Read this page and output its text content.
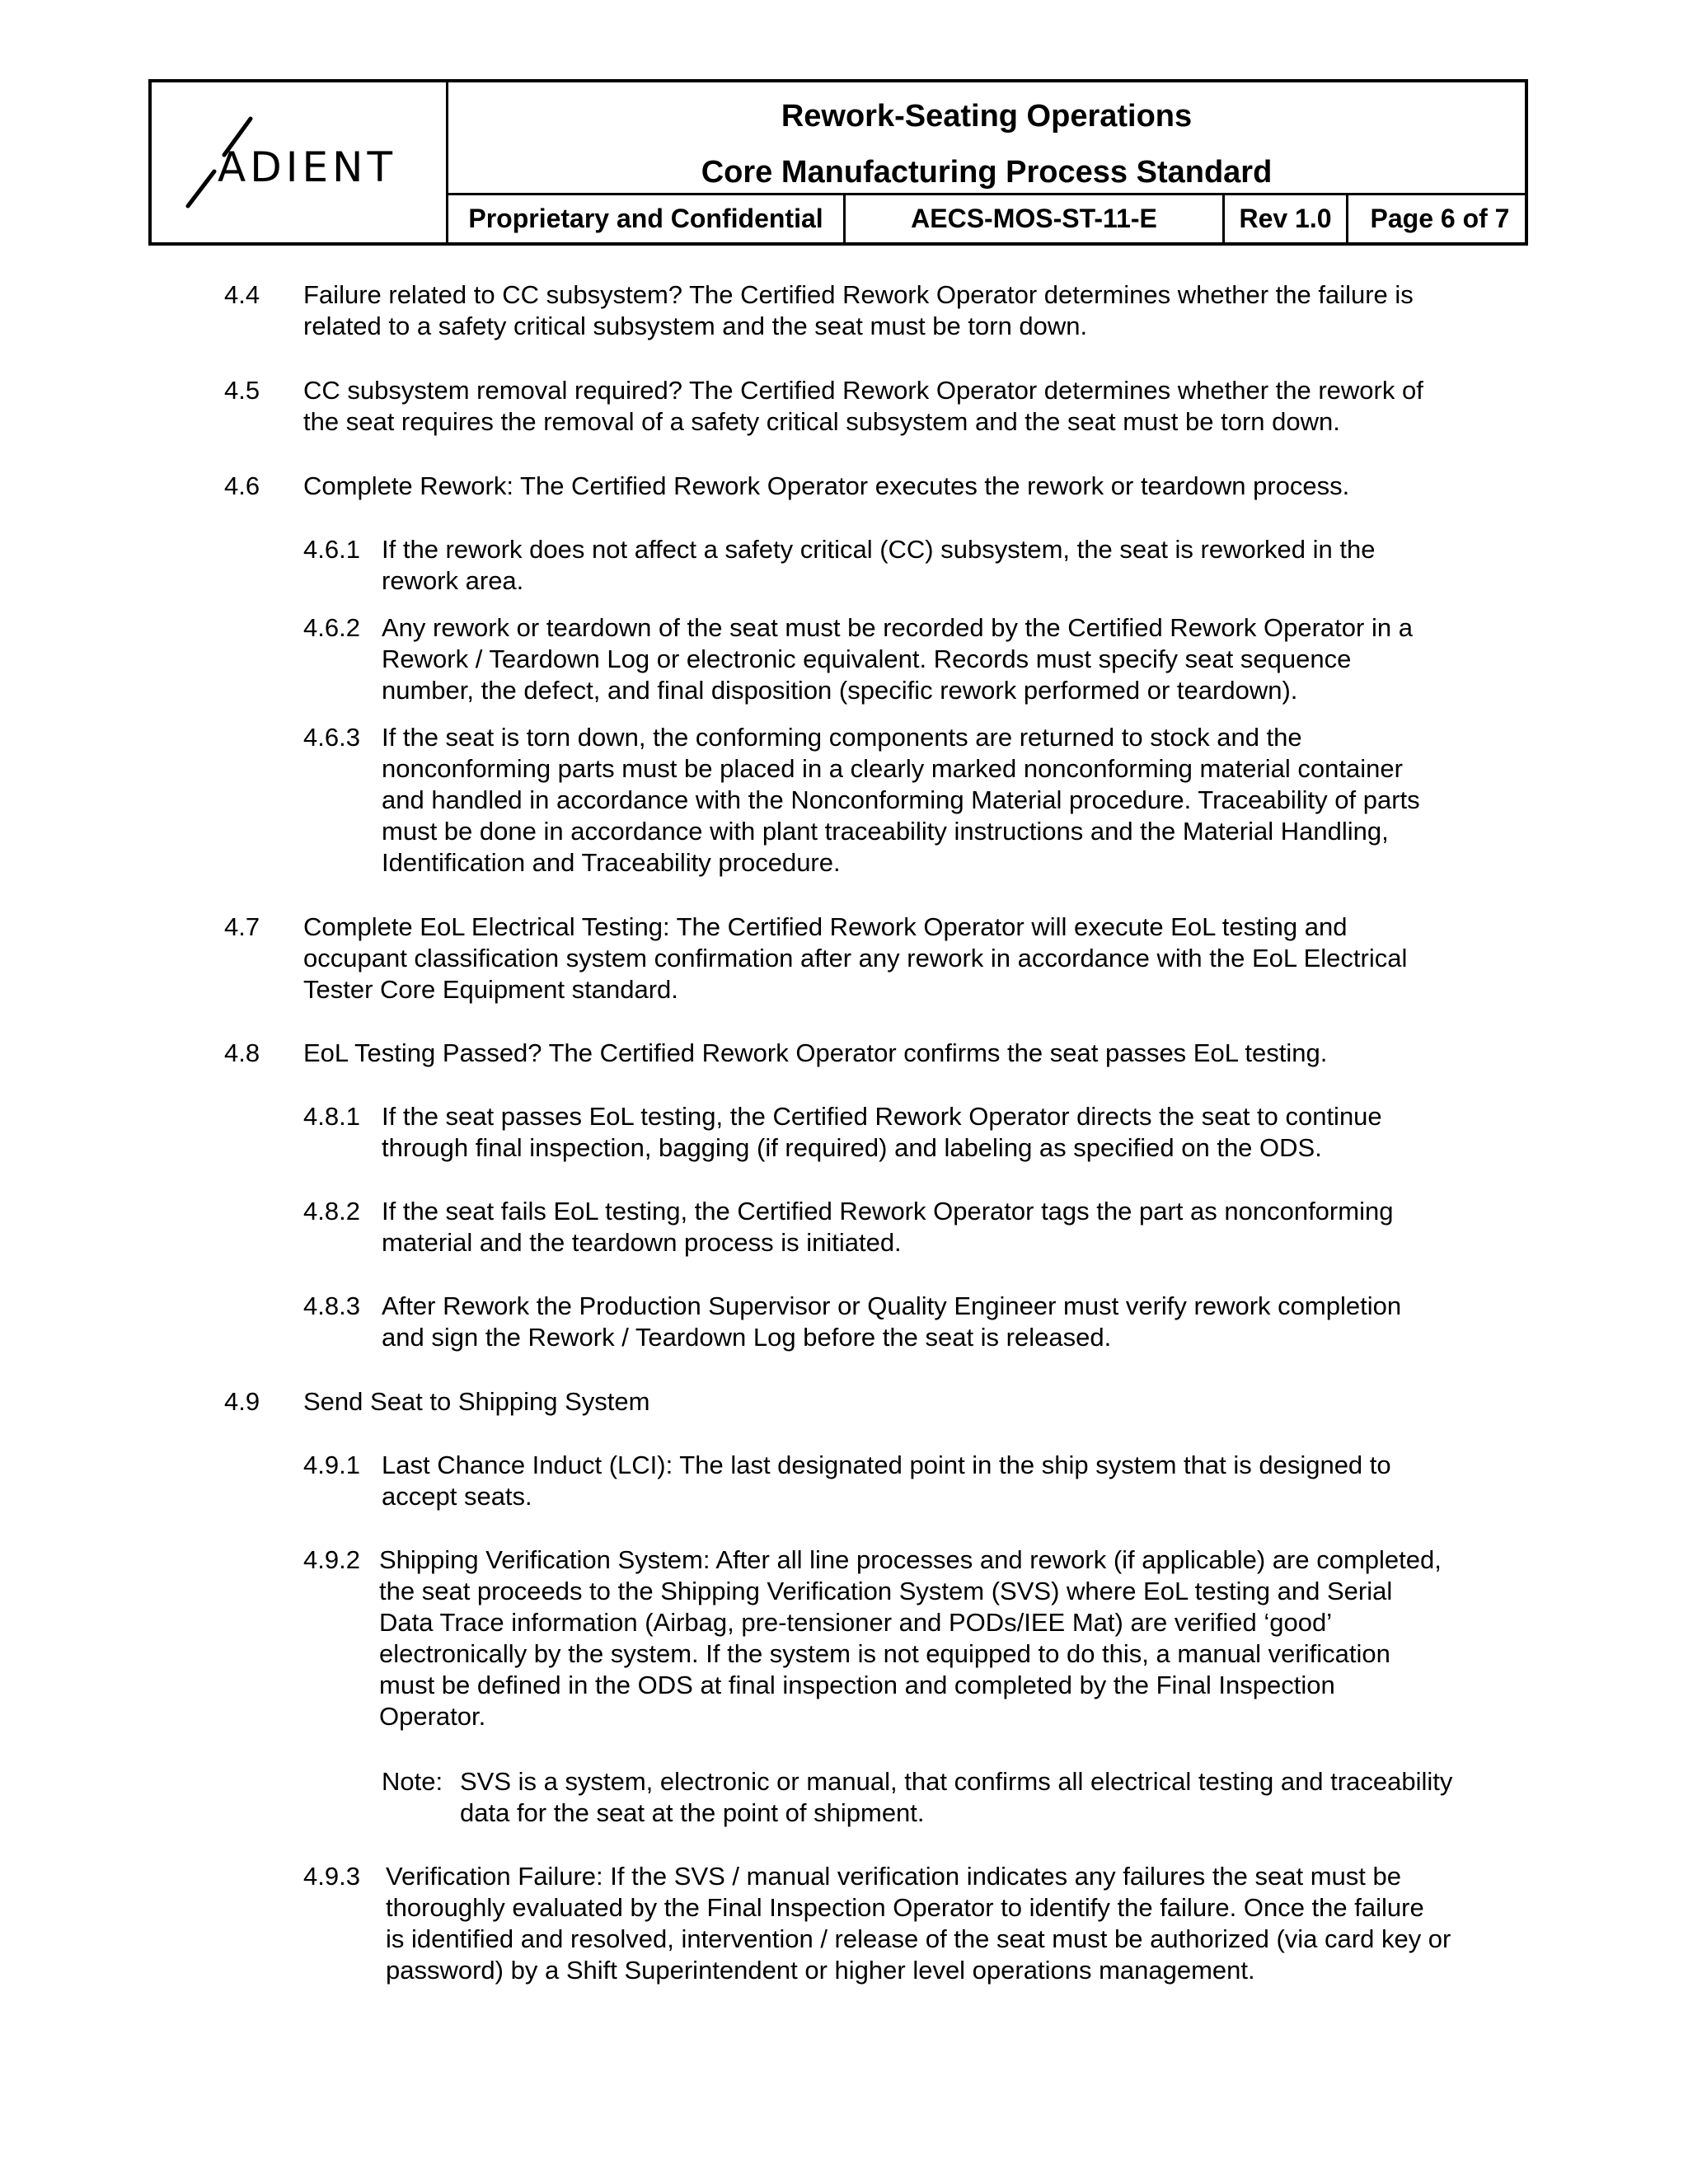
ADIENT
Rework-Seating Operations
Core Manufacturing Process Standard
Proprietary and Confidential	AECS-MOS-ST-11-E	Rev 1.0	Page 6 of 7
4.4 Failure related to CC subsystem? The Certified Rework Operator determines whether the failure is
related to a safety critical subsystem and the seat must be torn down.
4.5 CC subsystem removal required? The Certified Rework Operator determines whether the rework of
the seat requires the removal of a safety critical subsystem and the seat must be torn down.
4.6 Complete Rework: The Certified Rework Operator executes the rework or teardown process.
4.6.1 If the rework does not affect a safety critical (CC) subsystem, the seat is reworked in the
rework area.
4.6.2 Any rework or teardown of the seat must be recorded by the Certified Rework Operator in a
Rework / Teardown Log or electronic equivalent. Records must specify seat sequence
number, the defect, and final disposition (specific rework performed or teardown).
4.6.3 If the seat is torn down, the conforming components are returned to stock and the
nonconforming parts must be placed in a clearly marked nonconforming material container
and handled in accordance with the Nonconforming Material procedure. Traceability of parts
must be done in accordance with plant traceability instructions and the Material Handling,
Identification and Traceability procedure.
4.7 Complete EoL Electrical Testing: The Certified Rework Operator will execute EoL testing and
occupant classification system confirmation after any rework in accordance with the EoL Electrical
Tester Core Equipment standard.
4.8 EoL Testing Passed? The Certified Rework Operator confirms the seat passes EoL testing.
4.8.1 If the seat passes EoL testing, the Certified Rework Operator directs the seat to continue
through final inspection, bagging (if required) and labeling as specified on the ODS.
4.8.2 If the seat fails EoL testing, the Certified Rework Operator tags the part as nonconforming
material and the teardown process is initiated.
4.8.3 After Rework the Production Supervisor or Quality Engineer must verify rework completion
and sign the Rework / Teardown Log before the seat is released.
4.9 Send Seat to Shipping System
4.9.1 Last Chance Induct (LCI): The last designated point in the ship system that is designed to
accept seats.
4.9.2 Shipping Verification System: After all line processes and rework (if applicable) are completed,
the seat proceeds to the Shipping Verification System (SVS) where EoL testing and Serial
Data Trace information (Airbag, pre-tensioner and PODs/IEE Mat) are verified ‘good’
electronically by the system. If the system is not equipped to do this, a manual verification
must be defined in the ODS at final inspection and completed by the Final Inspection
Operator.
Note: SVS is a system, electronic or manual, that confirms all electrical testing and traceability
data for the seat at the point of shipment.
4.9.3 Verification Failure: If the SVS / manual verification indicates any failures the seat must be
thoroughly evaluated by the Final Inspection Operator to identify the failure. Once the failure
is identified and resolved, intervention / release of the seat must be authorized (via card key or
password) by a Shift Superintendent or higher level operations management.
